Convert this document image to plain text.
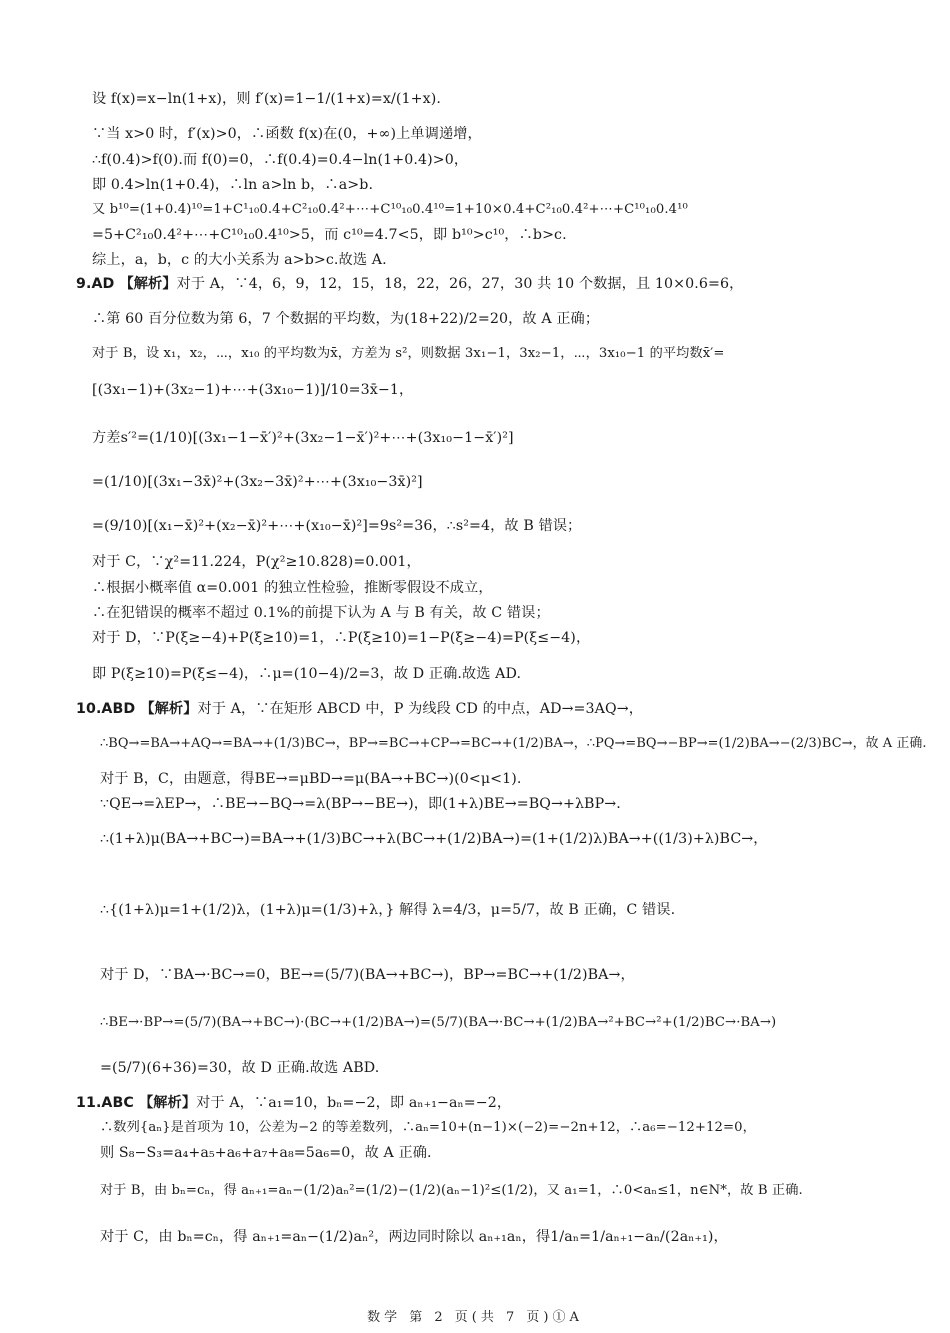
设 f(x)=x−ln(1+x)，则 f′(x)=1−1/(1+x)=x/(1+x).
∵当 x>0 时，f′(x)>0，∴函数 f(x)在(0，+∞)上单调递增，
∴f(0.4)>f(0).而 f(0)=0，∴f(0.4)=0.4−ln(1+0.4)>0，
即 0.4>ln(1+0.4)，∴ln a>ln b，∴a>b.
又 b¹⁰=(1+0.4)¹⁰=1+C¹₁₀0.4+C²₁₀0.4²+⋯+C¹⁰₁₀0.4¹⁰=1+10×0.4+C²₁₀0.4²+⋯+C¹⁰₁₀0.4¹⁰
=5+C²₁₀0.4²+⋯+C¹⁰₁₀0.4¹⁰>5，而 c¹⁰=4.7<5，即 b¹⁰>c¹⁰，∴b>c.
综上，a，b，c 的大小关系为 a>b>c.故选 A.
9.AD 【解析】对于 A，∵4，6，9，12，15，18，22，26，27，30 共 10 个数据，且 10×0.6=6，
∴第 60 百分位数为第 6，7 个数据的平均数，为(18+22)/2=20，故 A 正确；
对于 B，设 x₁，x₂，⋯，x₁₀ 的平均数为x̄，方差为 s²，则数据 3x₁−1，3x₂−1，⋯，3x₁₀−1 的平均数x̄′=
[(3x₁−1)+(3x₂−1)+⋯+(3x₁₀−1)]/10=3x̄−1，
方差s′²=(1/10)[(3x₁−1−x̄′)²+(3x₂−1−x̄′)²+⋯+(3x₁₀−1−x̄′)²]
=(1/10)[(3x₁−3x̄)²+(3x₂−3x̄)²+⋯+(3x₁₀−3x̄)²]
=(9/10)[(x₁−x̄)²+(x₂−x̄)²+⋯+(x₁₀−x̄)²]=9s²=36，∴s²=4，故 B 错误；
对于 C，∵χ²=11.224，P(χ²≥10.828)=0.001，
∴根据小概率值 α=0.001 的独立性检验，推断零假设不成立，
∴在犯错误的概率不超过 0.1%的前提下认为 A 与 B 有关，故 C 错误；
对于 D，∵P(ξ≥−4)+P(ξ≥10)=1，∴P(ξ≥10)=1−P(ξ≥−4)=P(ξ≤−4)，
即 P(ξ≥10)=P(ξ≤−4)，∴μ=(10−4)/2=3，故 D 正确.故选 AD.
10.ABD 【解析】对于 A，∵在矩形 ABCD 中，P 为线段 CD 的中点，AD→=3AQ→，
∴BQ→=BA→+AQ→=BA→+(1/3)BC→，BP→=BC→+CP→=BC→+(1/2)BA→，∴PQ→=BQ→−BP→=(1/2)BA→−(2/3)BC→，故 A 正确.
对于 B，C，由题意，得BE→=μBD→=μ(BA→+BC→)(0<μ<1).
∵QE→=λEP→，∴BE→−BQ→=λ(BP→−BE→)，即(1+λ)BE→=BQ→+λBP→.
∴(1+λ)μ(BA→+BC→)=BA→+(1/3)BC→+λ(BC→+(1/2)BA→)=(1+(1/2)λ)BA→+((1/3)+λ)BC→，
∴{(1+λ)μ=1+(1/2)λ，(1+λ)μ=(1/3)+λ，} 解得 λ=4/3，μ=5/7，故 B 正确，C 错误.
对于 D，∵BA→·BC→=0，BE→=(5/7)(BA→+BC→)，BP→=BC→+(1/2)BA→，
∴BE→·BP→=(5/7)(BA→+BC→)·(BC→+(1/2)BA→)=(5/7)(BA→·BC→+(1/2)BA→²+BC→²+(1/2)BC→·BA→)
=(5/7)(6+36)=30，故 D 正确.故选 ABD.
11.ABC 【解析】对于 A，∵a₁=10，bₙ=−2，即 aₙ₊₁−aₙ=−2，
∴数列{aₙ}是首项为 10，公差为−2 的等差数列，∴aₙ=10+(n−1)×(−2)=−2n+12，∴a₆=−12+12=0，
则 S₈−S₃=a₄+a₅+a₆+a₇+a₈=5a₆=0，故 A 正确.
对于 B，由 bₙ=cₙ，得 aₙ₊₁=aₙ−(1/2)aₙ²=(1/2)−(1/2)(aₙ−1)²≤(1/2)，又 a₁=1，∴0<aₙ≤1，n∈N*，故 B 正确.
对于 C，由 bₙ=cₙ，得 aₙ₊₁=aₙ−(1/2)aₙ²，两边同时除以 aₙ₊₁aₙ，得1/aₙ=1/aₙ₊₁−aₙ/(2aₙ₊₁)，
数学 第 2 页(共 7 页)①A
